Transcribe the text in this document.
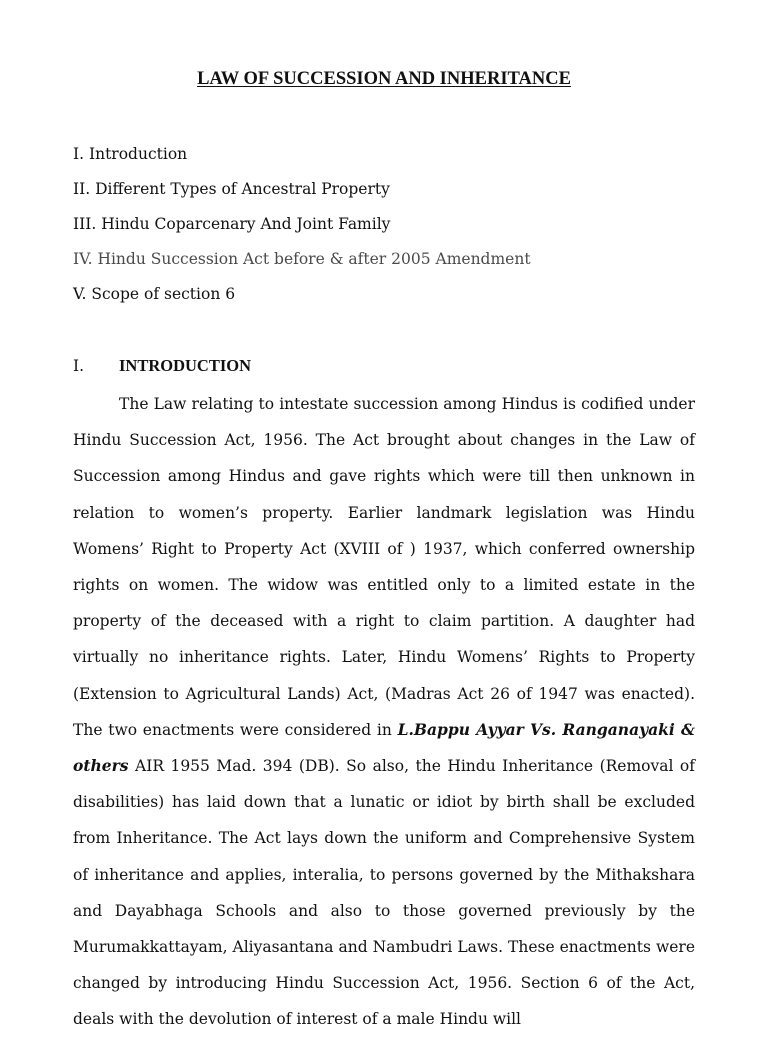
LAW OF SUCCESSION AND INHERITANCE
I. Introduction
II. Different Types of Ancestral Property
III. Hindu Coparcenary And Joint Family
IV. Hindu Succession Act before & after 2005 Amendment
V. Scope of section 6
I. INTRODUCTION

The Law relating to intestate succession among Hindus is codified under Hindu Succession Act, 1956. The Act brought about changes in the Law of Succession among Hindus and gave rights which were till then unknown in relation to women’s property. Earlier landmark legislation was Hindu Womens’ Right to Property Act (XVIII of ) 1937, which conferred ownership rights on women. The widow was entitled only to a limited estate in the property of the deceased with a right to claim partition. A daughter had virtually no inheritance rights. Later, Hindu Womens’ Rights to Property (Extension to Agricultural Lands) Act, (Madras Act 26 of 1947 was enacted). The two enactments were considered in L.Bappu Ayyar Vs. Ranganayaki & others AIR 1955 Mad. 394 (DB). So also, the Hindu Inheritance (Removal of disabilities) has laid down that a lunatic or idiot by birth shall be excluded from Inheritance. The Act lays down the uniform and Comprehensive System of inheritance and applies, interalia, to persons governed by the Mithakshara and Dayabhaga Schools and also to those governed previously by the Murumakkattayam, Aliyasantana and Nambudri Laws. These enactments were changed by introducing Hindu Succession Act, 1956. Section 6 of the Act, deals with the devolution of interest of a male Hindu will
